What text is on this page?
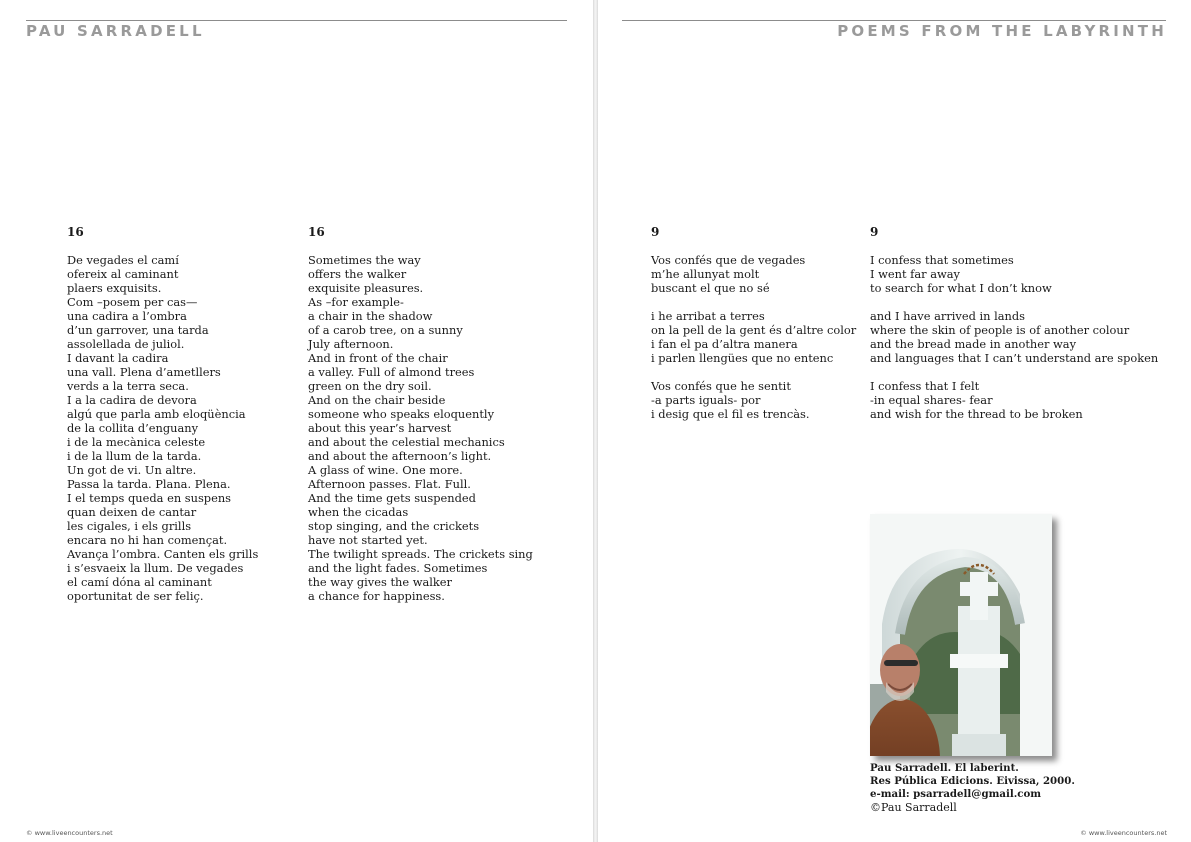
PAU SARRADELL
16
De vegades el camí
ofereix al caminant
plaers exquisits.
Com –posem per cas—
una cadira a l’ombra
d’un garrover, una tarda
assolellada de juliol.
I davant la cadira
una vall. Plena d’ametllers
verds a la terra seca.
I a la cadira de devora
algú que parla amb eloqüència
de la collita d’enguany
i de la mecànica celeste
i de la llum de la tarda.
Un got de vi. Un altre.
Passa la tarda. Plana. Plena.
I el temps queda en suspens
quan deixen de cantar
les cigales, i els grills
encara no hi han començat.
Avança l’ombra. Canten els grills
i s’esvaeix la llum. De vegades
el camí dóna al caminant
oportunitat de ser feliç.
16
Sometimes the way
offers the walker
exquisite pleasures.
As –for example-
a chair in the shadow
of a carob tree, on a sunny
July afternoon.
And in front of the chair
a valley. Full of almond trees
green on the dry soil.
And on the chair beside
someone who speaks eloquently
about this year’s harvest
and about the celestial mechanics
and about the afternoon’s light.
A glass of wine. One more.
Afternoon passes. Flat. Full.
And the time gets suspended
when the cicadas
stop singing, and the crickets
have not started yet.
The twilight spreads. The crickets sing
and the light fades. Sometimes
the way gives the walker
a chance for happiness.
© www.liveencounters.net
POEMS FROM THE LABYRINTH
9
Vos confés que de vegades
m’he allunyat molt
buscant el que no sé
i he arribat a terres
on la pell de la gent és d’altre color
i fan el pa d’altra manera
i parlen llengües que no entenc
Vos confés que he sentit
-a parts iguals- por
i desig que el fil es trencàs.
9
I confess that sometimes
I went far away
to search for what I don’t know
and I have arrived in lands
where the skin of people is of another colour
and the bread made in another way
and languages that I can’t understand are spoken
I confess that I felt
-in equal shares- fear
and wish for the thread to be broken
Pau Sarradell. El laberint.
Res Pública Edicions. Eivissa, 2000.
e-mail: psarradell@gmail.com
©Pau Sarradell
© www.liveencounters.net
